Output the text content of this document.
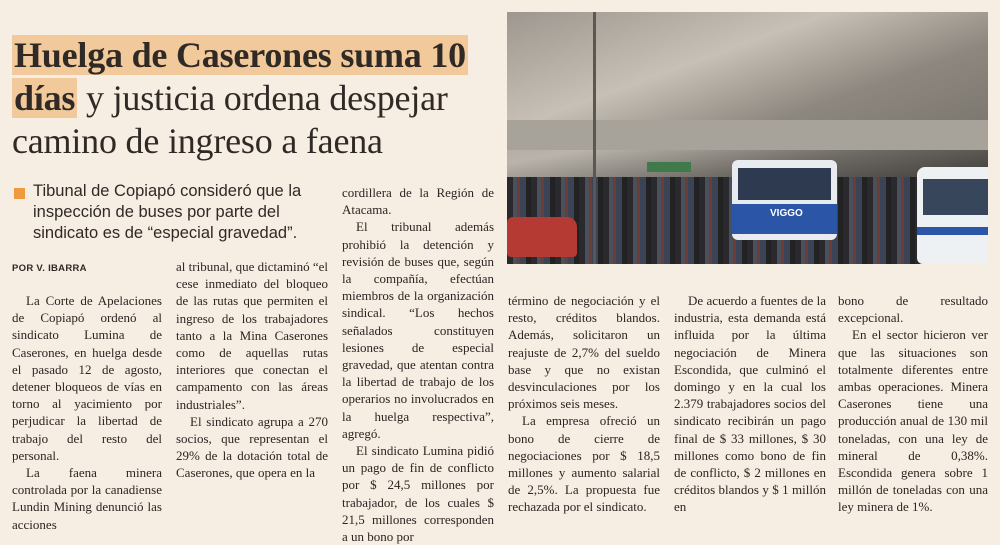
Huelga de Caserones suma 10
días y justicia ordena despejar
camino de ingreso a faena
Tibunal de Copiapó consideró que la inspección de buses por parte del sindicato es de “especial gravedad”.
POR V. IBARRA

La Corte de Apelaciones de Copiapó ordenó al sindicato Lumina de Caserones, en huelga desde el pasado 12 de agosto, detener bloqueos de vías en torno al yacimiento por perjudicar la libertad de trabajo del resto del personal.

La faena minera controlada por la canadiense Lundin Mining denunció las acciones

al tribunal, que dictaminó “el cese inmediato del bloqueo de las rutas que permiten el ingreso de los trabajadores tanto a la Mina Caserones como de aquellas rutas interiores que conectan el campamento con las áreas industriales”.

El sindicato agrupa a 270 socios, que representan el 29% de la dotación total de Caserones, que opera en la

cordillera de la Región de Atacama.

El tribunal además prohibió la detención y revisión de buses que, según la compañía, efectúan miembros de la organización sindical. “Los hechos señalados constituyen lesiones de especial gravedad, que atentan contra la libertad de trabajo de los operarios no involucrados en la huelga respectiva”, agregó.

El sindicato Lumina pidió un pago de fin de conflicto por $ 24,5 millones por trabajador, de los cuales $ 21,5 millones corresponden a un bono por

término de negociación y el resto, créditos blandos. Además, solicitaron un reajuste de 2,7% del sueldo base y que no existan desvinculaciones por los próximos seis meses.

La empresa ofreció un bono de cierre de negociaciones por $ 18,5 millones y aumento salarial de 2,5%. La propuesta fue rechazada por el sindicato.

De acuerdo a fuentes de la industria, esta demanda está influida por la última negociación de Minera Escondida, que culminó el domingo y en la cual los 2.379 trabajadores socios del sindicato recibirán un pago final de $ 33 millones, $ 30 millones como bono de fin de conflicto, $ 2 millones en créditos blandos y $ 1 millón en

bono de resultado excepcional.

En el sector hicieron ver que las situaciones son totalmente diferentes entre ambas operaciones. Minera Caserones tiene una producción anual de 130 mil toneladas, con una ley de mineral de 0,38%. Escondida genera sobre 1 millón de toneladas con una ley minera de 1%.

VIGGO
